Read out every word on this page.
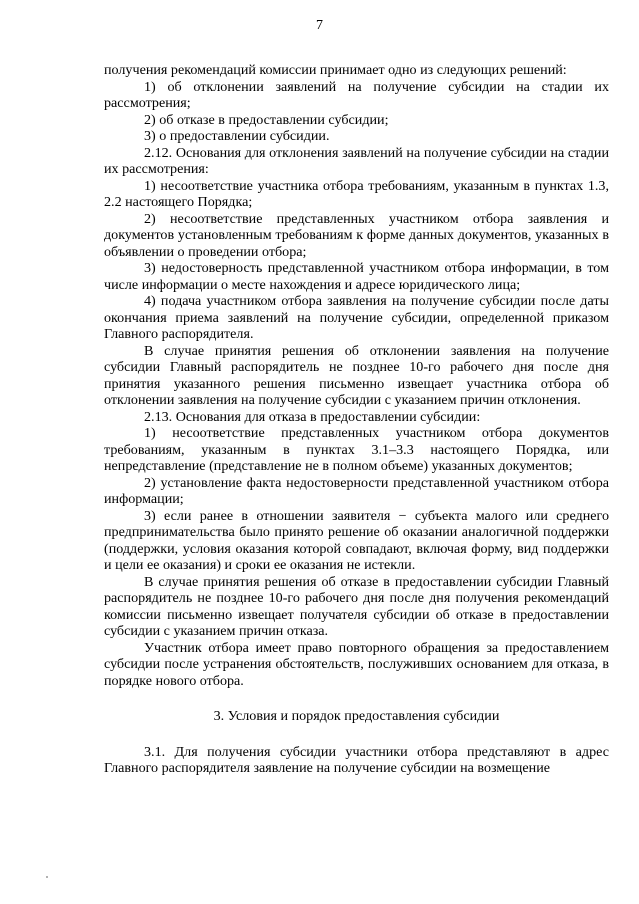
7

получения рекомендаций комиссии принимает одно из следующих решений:

1) об отклонении заявлений на получение субсидии на стадии их рассмотрения;

2) об отказе в предоставлении субсидии;

3) о предоставлении субсидии.

2.12. Основания для отклонения заявлений на получение субсидии на стадии их рассмотрения:

1) несоответствие участника отбора требованиям, указанным в пунктах 1.3, 2.2 настоящего Порядка;

2) несоответствие представленных участником отбора заявления и документов установленным требованиям к форме данных документов, указанных в объявлении о проведении отбора;

3) недостоверность представленной участником отбора информации, в том числе информации о месте нахождения и адресе юридического лица;

4) подача участником отбора заявления на получение субсидии после даты окончания приема заявлений на получение субсидии, определенной приказом Главного распорядителя.

В случае принятия решения об отклонении заявления на получение субсидии Главный распорядитель не позднее 10-го рабочего дня после дня принятия указанного решения письменно извещает участника отбора об отклонении заявления на получение субсидии с указанием причин отклонения.

2.13. Основания для отказа в предоставлении субсидии:

1) несоответствие представленных участником отбора документов требованиям, указанным в пунктах 3.1–3.3 настоящего Порядка, или непредставление (представление не в полном объеме) указанных документов;

2) установление факта недостоверности представленной участником отбора информации;

3) если ранее в отношении заявителя − субъекта малого или среднего предпринимательства было принято решение об оказании аналогичной поддержки (поддержки, условия оказания которой совпадают, включая форму, вид поддержки и цели ее оказания) и сроки ее оказания не истекли.

В случае принятия решения об отказе в предоставлении субсидии Главный распорядитель не позднее 10-го рабочего дня после дня получения рекомендаций комиссии письменно извещает получателя субсидии об отказе в предоставлении субсидии с указанием причин отказа.

Участник отбора имеет право повторного обращения за предоставлением субсидии после устранения обстоятельств, послуживших основанием для отказа, в порядке нового отбора.

3. Условия и порядок предоставления субсидии

3.1. Для получения субсидии участники отбора представляют в адрес Главного распорядителя заявление на получение субсидии на возмещение
